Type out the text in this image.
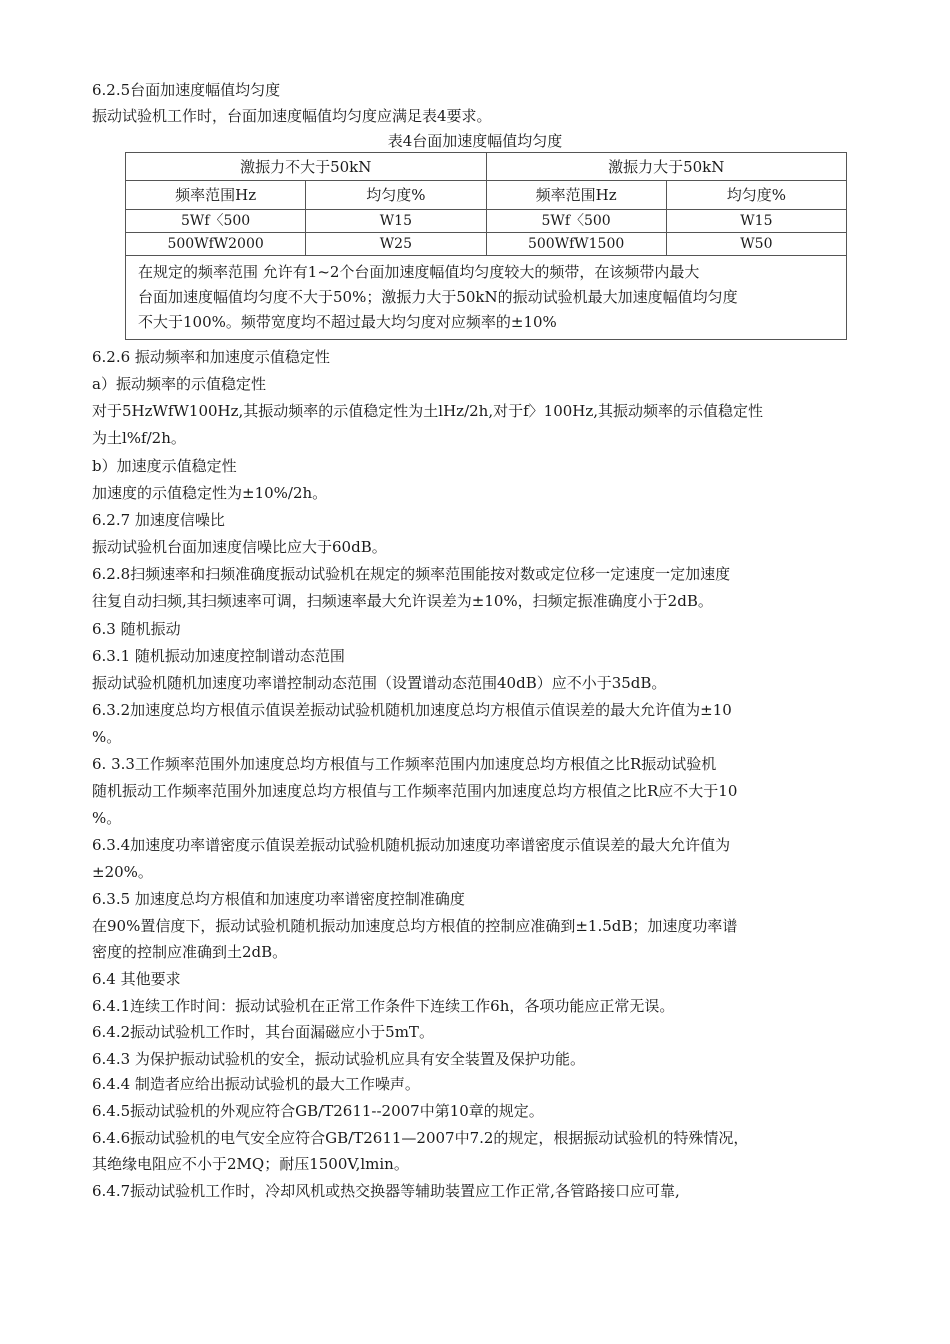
6.2.5台面加速度幅值均匀度
振动试验机工作时，台面加速度幅值均匀度应满足表4要求。
表4台面加速度幅值均匀度
激振力不大于50kN		激振力大于50kN	
频率范围Hz	均匀度%	频率范围Hz	均匀度%
5Wf〈500	W15	5Wf〈500	W15
500WfW2000	W25	500WfW1500	W50

在规定的频率范围 允许有1~2个台面加速度幅值均匀度较大的频带，在该频带内最大
台面加速度幅值均匀度不大于50%；激振力大于50kN的振动试验机最大加速度幅值均匀度
不大于100%。频带宽度均不超过最大均匀度对应频率的±10%			
6.2.6 振动频率和加速度示值稳定性
a）振动频率的示值稳定性
对于5HzWfW100Hz,其振动频率的示值稳定性为土lHz/2h,对于f〉100Hz,其振动频率的示值稳定性
为土l%f/2h。
b）加速度示值稳定性
加速度的示值稳定性为±10%/2h。
6.2.7 加速度信噪比
振动试验机台面加速度信噪比应大于60dB。
6.2.8扫频速率和扫频准确度振动试验机在规定的频率范围能按对数或定位移一定速度一定加速度
往复自动扫频,其扫频速率可调，扫频速率最大允许误差为±10%，扫频定振准确度小于2dB。
6.3 随机振动
6.3.1 随机振动加速度控制谱动态范围
振动试验机随机加速度功率谱控制动态范围（设置谱动态范围40dB）应不小于35dB。
6.3.2加速度总均方根值示值误差振动试验机随机加速度总均方根值示值误差的最大允许值为±10
%。
6. 3.3工作频率范围外加速度总均方根值与工作频率范围内加速度总均方根值之比R振动试验机
随机振动工作频率范围外加速度总均方根值与工作频率范围内加速度总均方根值之比R应不大于10
%。
6.3.4加速度功率谱密度示值误差振动试验机随机振动加速度功率谱密度示值误差的最大允许值为
±20%。
6.3.5 加速度总均方根值和加速度功率谱密度控制准确度
在90%置信度下，振动试验机随机振动加速度总均方根值的控制应准确到±1.5dB；加速度功率谱
密度的控制应准确到土2dB。
6.4 其他要求
6.4.1连续工作时间：振动试验机在正常工作条件下连续工作6h，各项功能应正常无误。
6.4.2振动试验机工作时，其台面漏磁应小于5mT。
6.4.3 为保护振动试验机的安全，振动试验机应具有安全装置及保护功能。
6.4.4 制造者应给出振动试验机的最大工作噪声。
6.4.5振动试验机的外观应符合GB/T2611--2007中第10章的规定。
6.4.6振动试验机的电气安全应符合GB/T2611—2007中7.2的规定，根据振动试验机的特殊情况，
其绝缘电阻应不小于2MQ；耐压1500V,lmin。
6.4.7振动试验机工作时，冷却风机或热交换器等辅助装置应工作正常,各管路接口应可靠,
